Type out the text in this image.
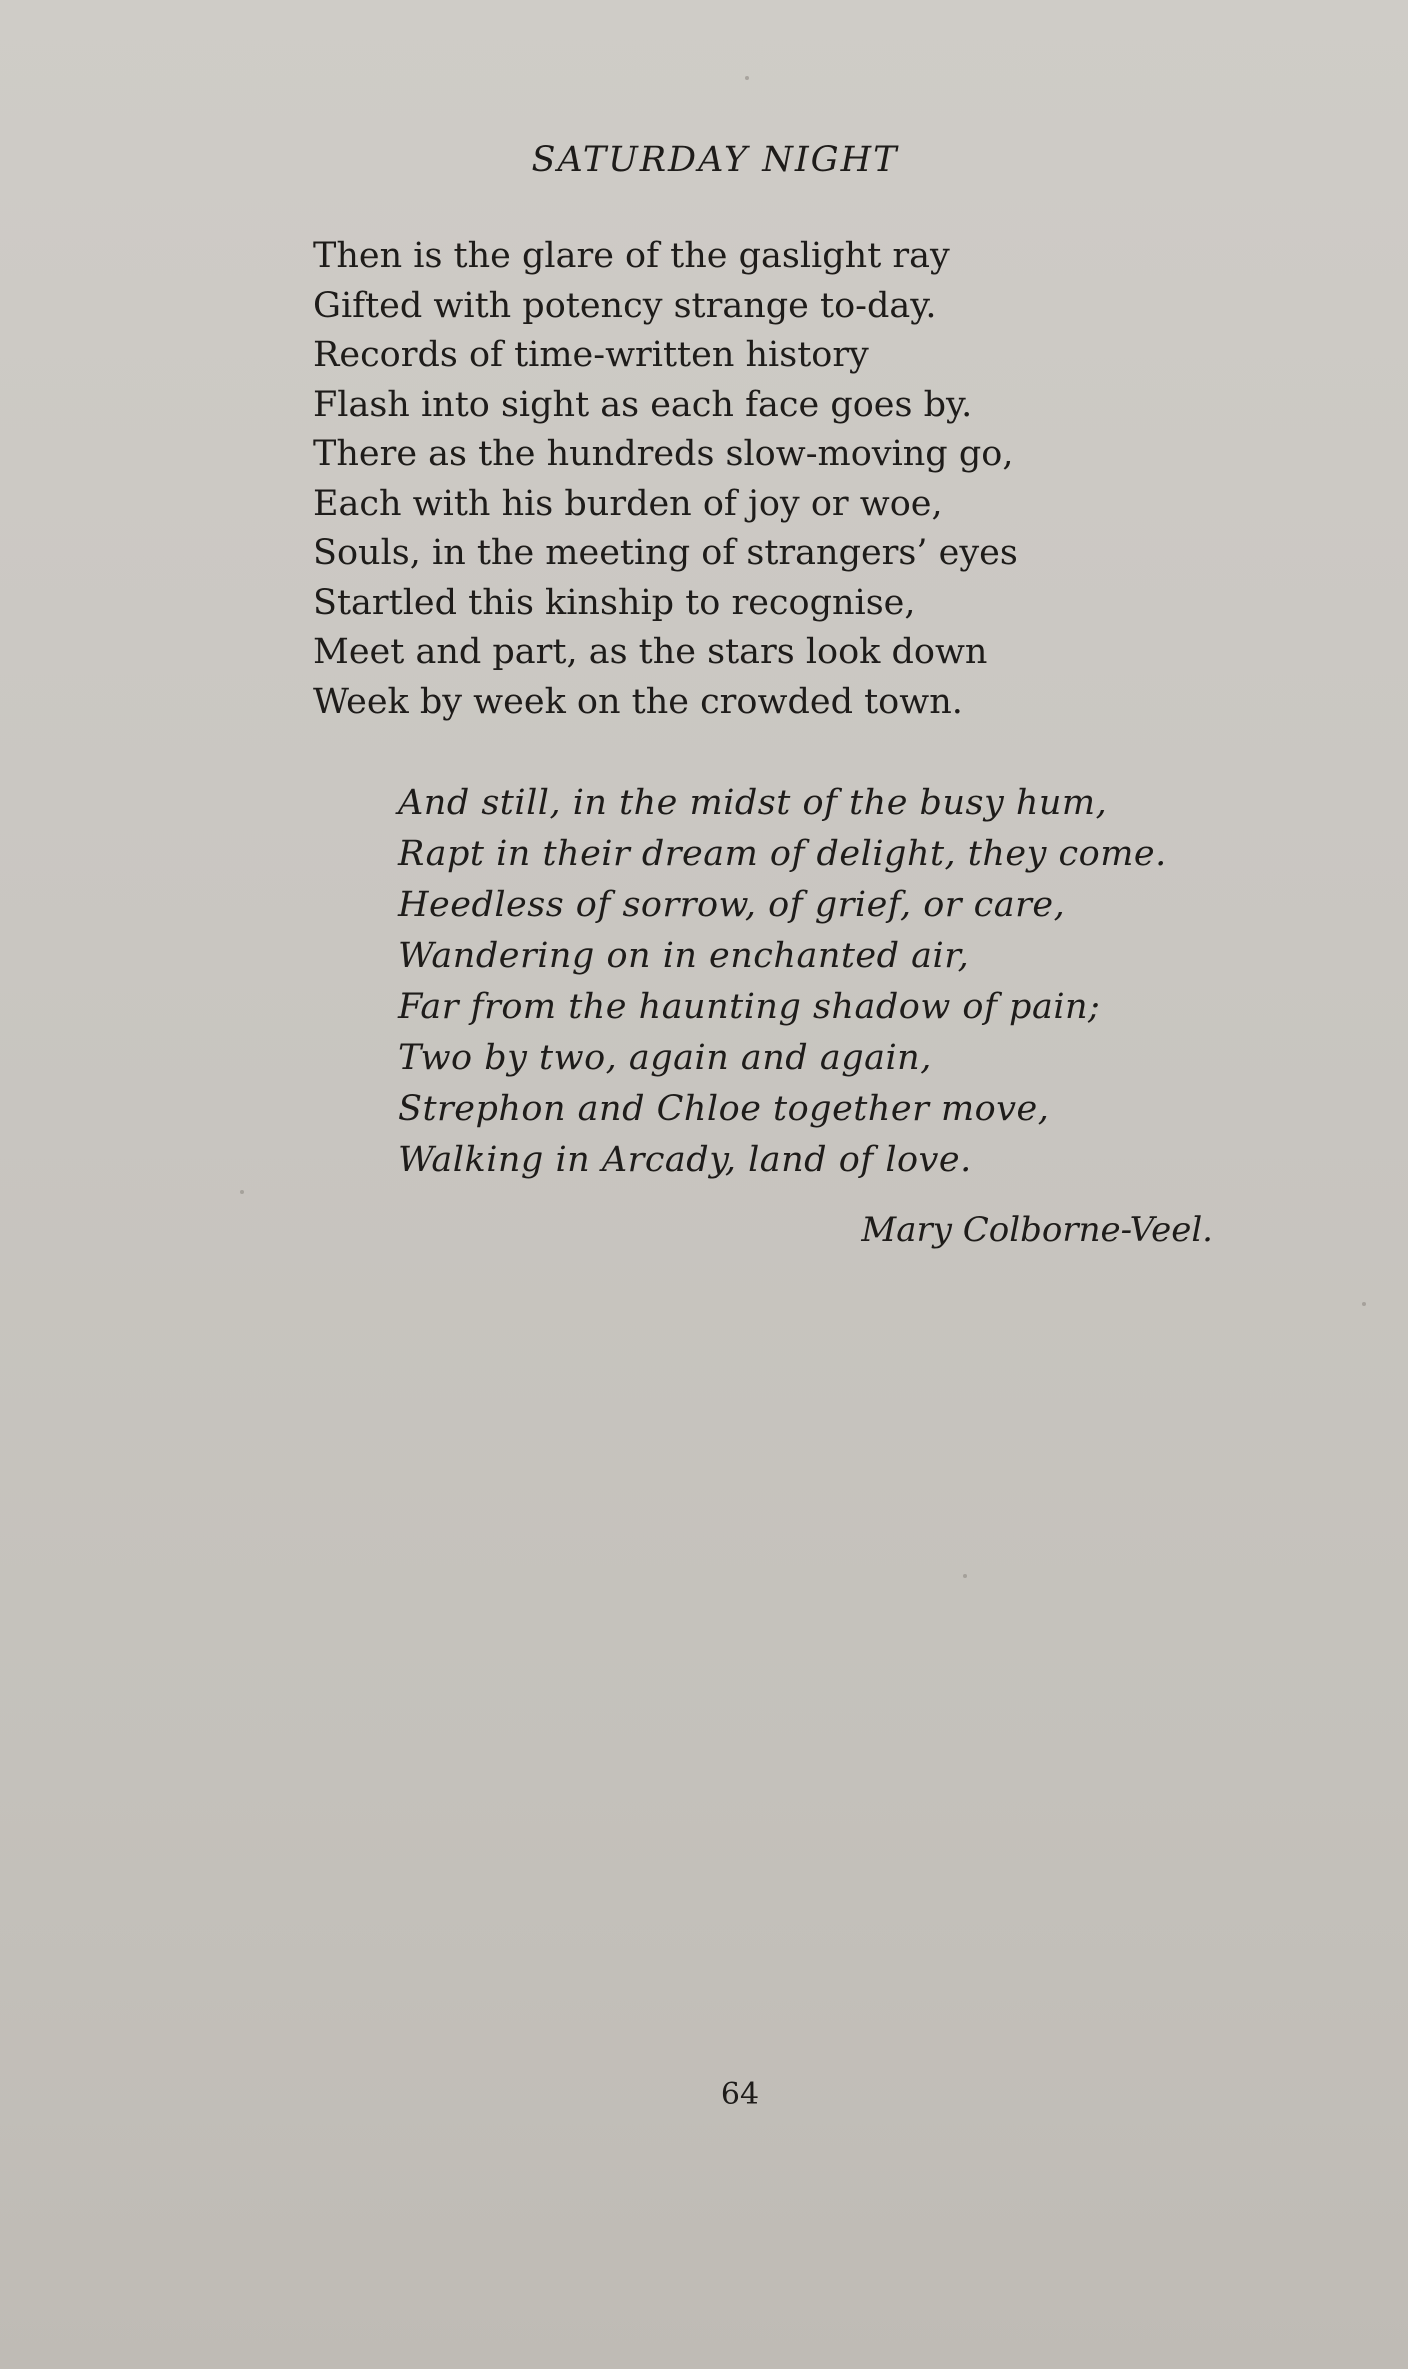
SATURDAY NIGHT
Then is the glare of the gaslight ray
Gifted with potency strange to-day.
Records of time-written history
Flash into sight as each face goes by.
There as the hundreds slow-moving go,
Each with his burden of joy or woe,
Souls, in the meeting of strangers’ eyes
Startled this kinship to recognise,
Meet and part, as the stars look down
Week by week on the crowded town.
And still, in the midst of the busy hum,
Rapt in their dream of delight, they come.
Heedless of sorrow, of grief, or care,
Wandering on in enchanted air,
Far from the haunting shadow of pain;
Two by two, again and again,
Strephon and Chloe together move,
Walking in Arcady, land of love.
Mary Colborne-Veel.
64
